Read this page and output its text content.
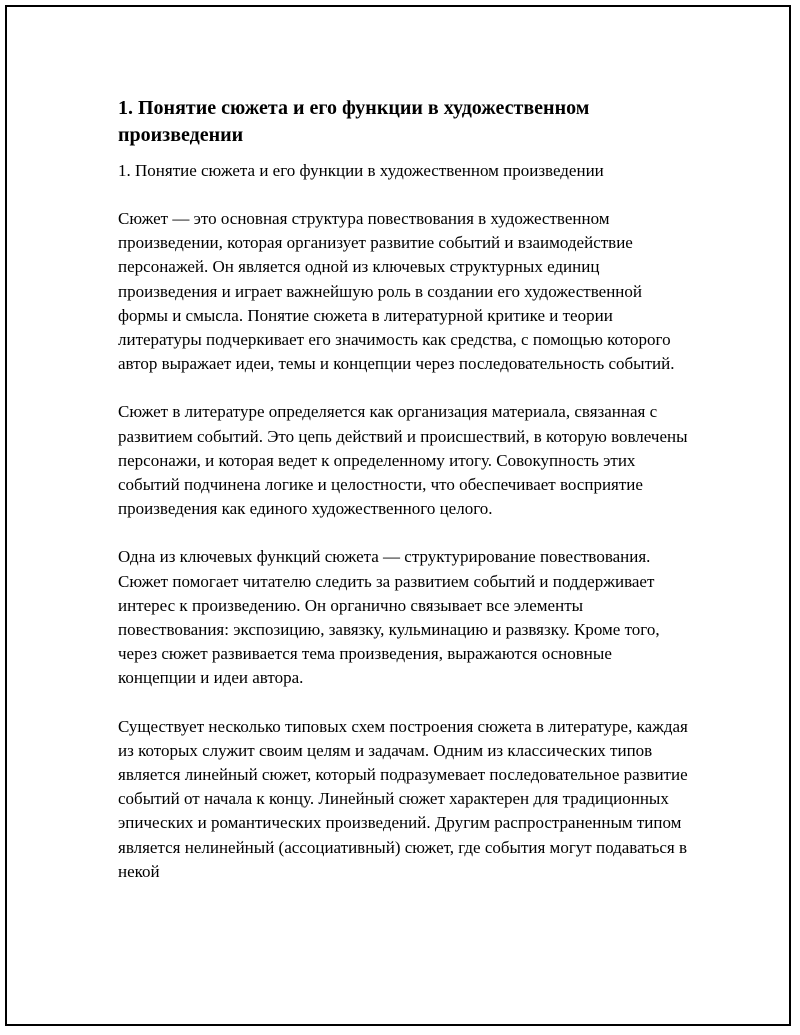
1. Понятие сюжета и его функции в художественном произведении

1. Понятие сюжета и его функции в художественном произведении

Сюжет — это основная структура повествования в художественном произведении, которая организует развитие событий и взаимодействие персонажей. Он является одной из ключевых структурных единиц произведения и играет важнейшую роль в создании его художественной формы и смысла. Понятие сюжета в литературной критике и теории литературы подчеркивает его значимость как средства, с помощью которого автор выражает идеи, темы и концепции через последовательность событий.

Сюжет в литературе определяется как организация материала, связанная с развитием событий. Это цепь действий и происшествий, в которую вовлечены персонажи, и которая ведет к определенному итогу. Совокупность этих событий подчинена логике и целостности, что обеспечивает восприятие произведения как единого художественного целого.

Одна из ключевых функций сюжета — структурирование повествования. Сюжет помогает читателю следить за развитием событий и поддерживает интерес к произведению. Он органично связывает все элементы повествования: экспозицию, завязку, кульминацию и развязку. Кроме того, через сюжет развивается тема произведения, выражаются основные концепции и идеи автора.

Существует несколько типовых схем построения сюжета в литературе, каждая из которых служит своим целям и задачам. Одним из классических типов является линейный сюжет, который подразумевает последовательное развитие событий от начала к концу. Линейный сюжет характерен для традиционных эпических и романтических произведений. Другим распространенным типом является нелинейный (ассоциативный) сюжет, где события могут подаваться в некой
